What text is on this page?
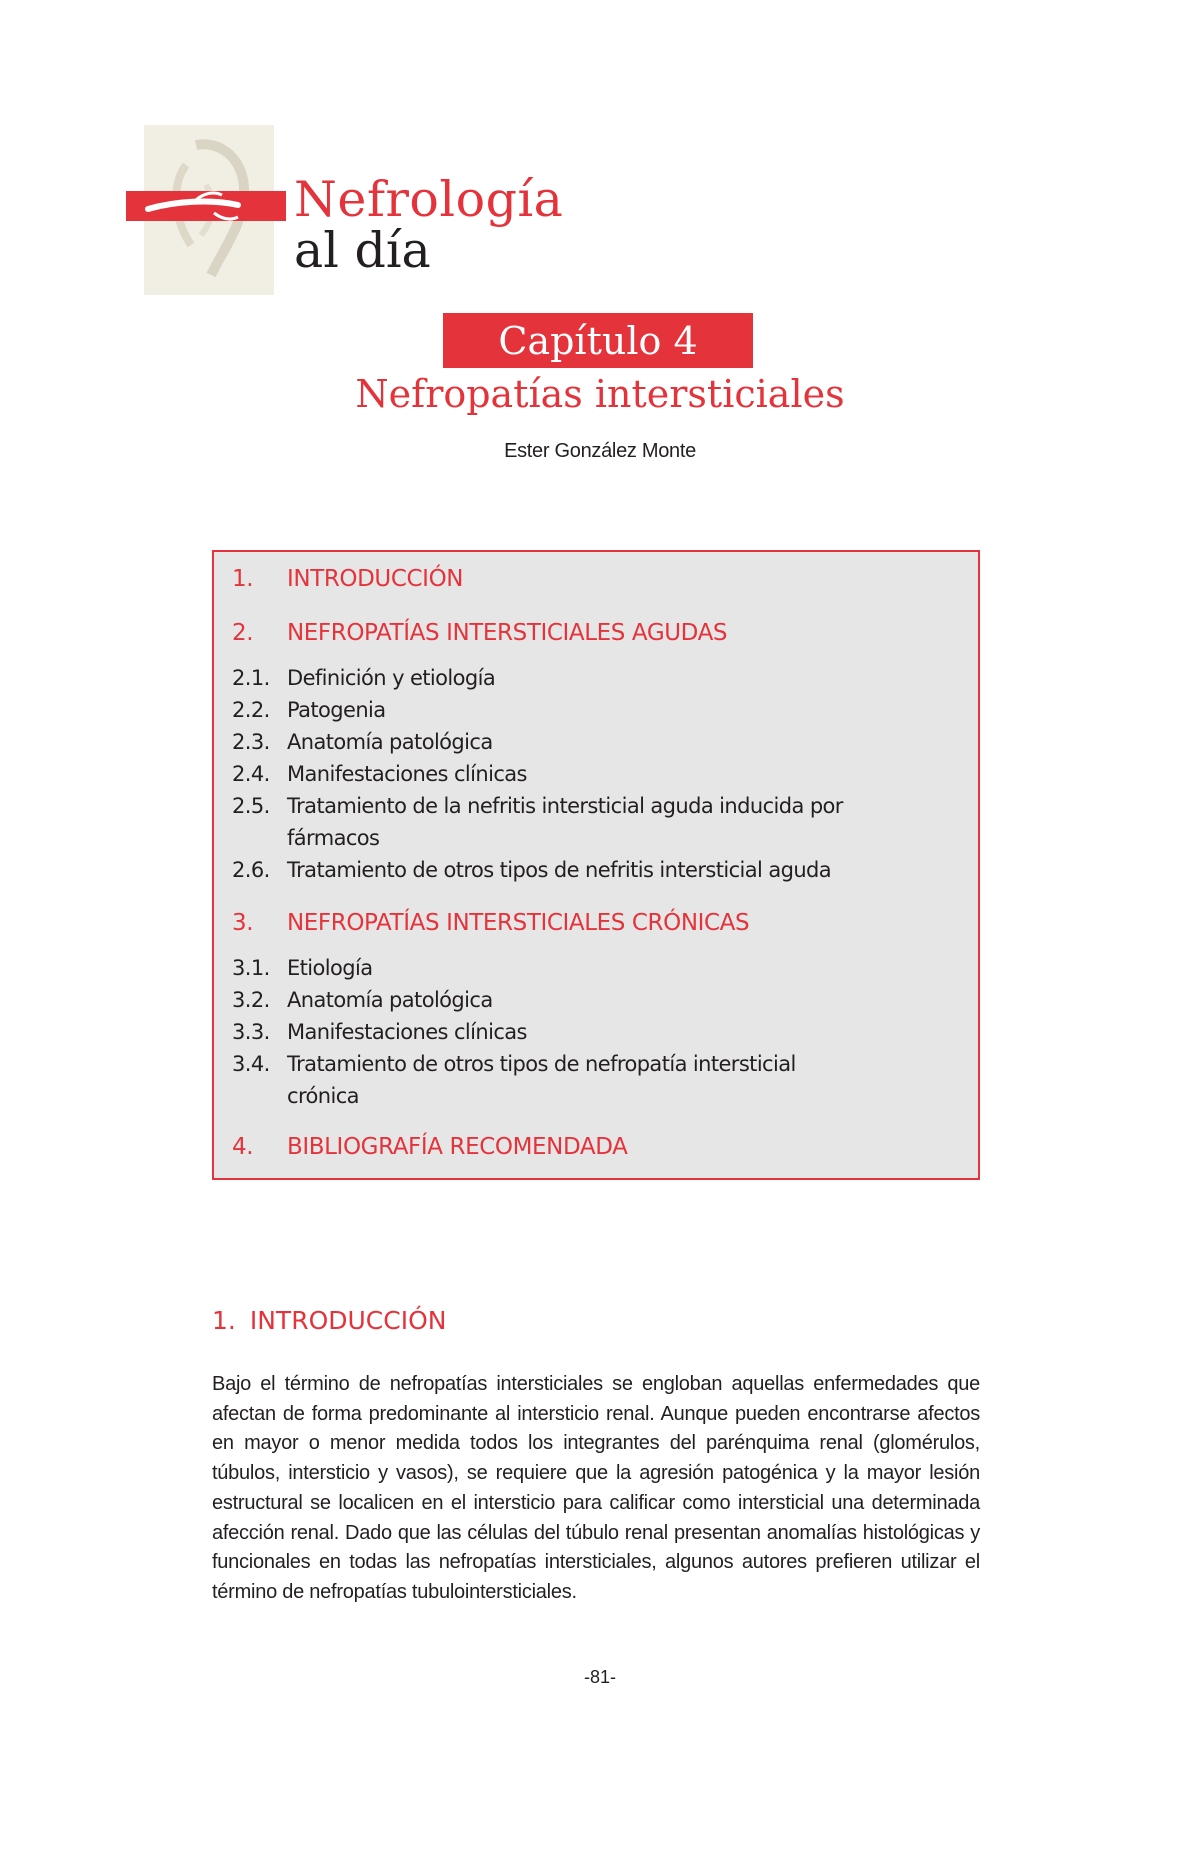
Nefrología
al día
Capítulo 4
Nefropatías intersticiales
Ester González Monte
1.	INTRODUCCIÓN
2.	NEFROPATÍAS INTERSTICIALES AGUDAS
2.1. Definición y etiología
2.2. Patogenia
2.3. Anatomía patológica
2.4. Manifestaciones clínicas
2.5. Tratamiento de la nefritis intersticial aguda inducida por fármacos
2.6. Tratamiento de otros tipos de nefritis intersticial aguda
3.	NEFROPATÍAS INTERSTICIALES CRÓNICAS
3.1. Etiología
3.2. Anatomía patológica
3.3. Manifestaciones clínicas
3.4. Tratamiento de otros tipos de nefropatía intersticial crónica
4.	BIBLIOGRAFÍA RECOMENDADA
1. INTRODUCCIÓN
Bajo el término de nefropatías intersticiales se engloban aquellas enfermedades que afectan de forma predominante al intersticio renal. Aunque pueden encontrarse afectos en mayor o menor medida todos los integrantes del parénquima renal (glomérulos, túbulos, intersticio y vasos), se requiere que la agresión patogénica y la mayor lesión estructural se localicen en el intersticio para calificar como intersticial una determinada afección renal. Dado que las células del túbulo renal presentan anomalías histológicas y funcionales en todas las nefropatías intersticiales, algunos autores prefieren utilizar el término de nefropatías tubulointersticiales.
-81-
